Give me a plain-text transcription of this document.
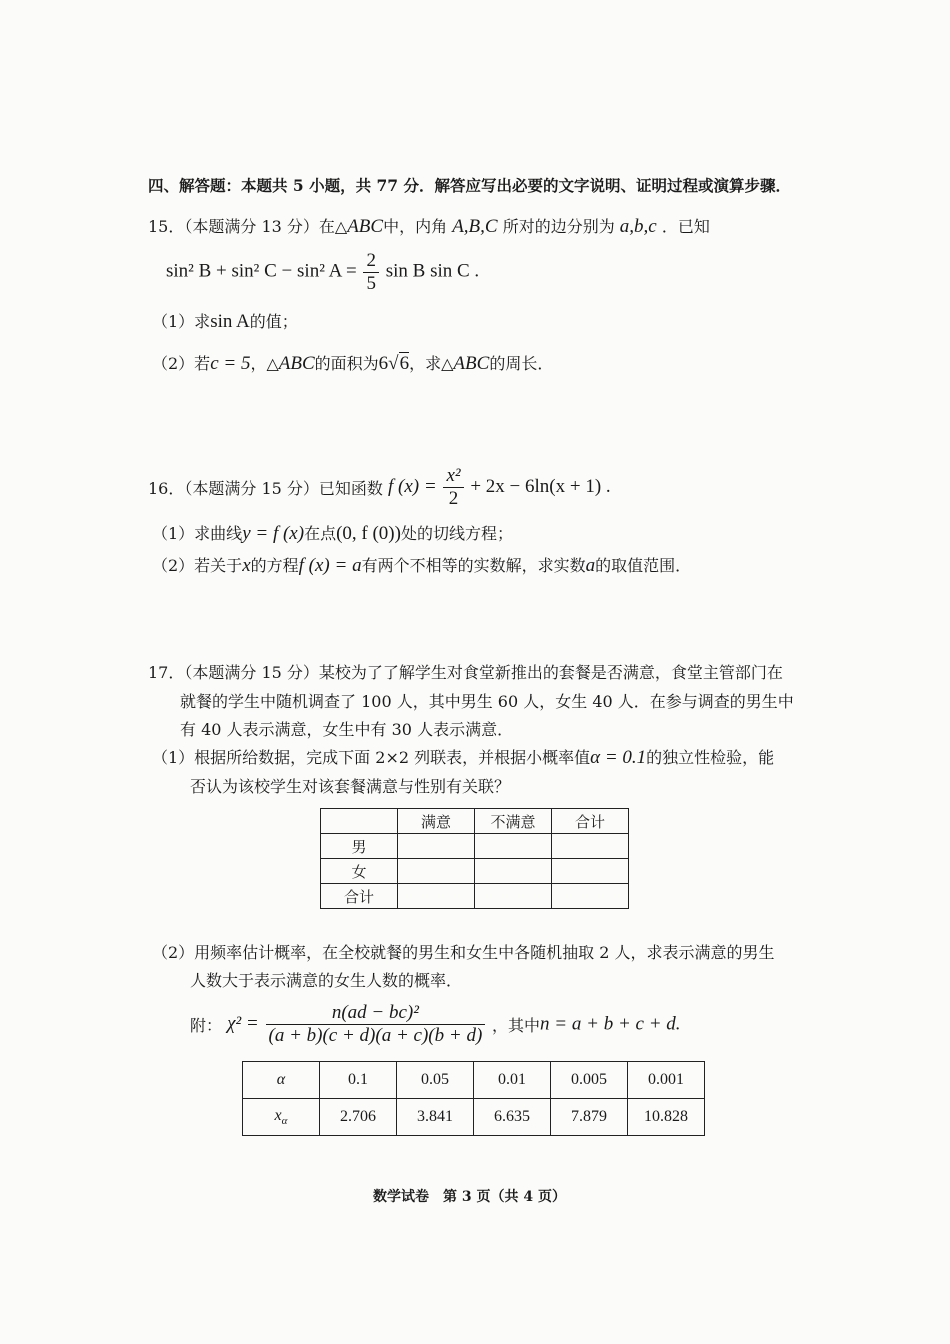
四、解答题：本题共 5 小题，共 77 分．解答应写出必要的文字说明、证明过程或演算步骤．
15．（本题满分 13 分）在△ABC中，内角 A,B,C 所对的边分别为 a,b,c ．已知
sin² B + sin² C − sin² $A = \frac{2}{5}$ sin B sin C .
（1）求sin A的值；
（2）若c = 5，△ABC的面积为6√6，求△ABC的周长．
16．（本题满分 15 分）已知函数 f $(x) = \frac{\text{x²}}{2} + 2x - 6\ln(x + 1)$ .
（1）求曲线y = f (x)在点(0, f (0))处的切线方程；
（2）若关于x的方程f (x) = a有两个不相等的实数解，求实数a的取值范围．
17．（本题满分 15 分）某校为了了解学生对食堂新推出的套餐是否满意，食堂主管部门在
就餐的学生中随机调查了 100 人，其中男生 60 人，女生 40 人．在参与调查的男生中
有 40 人表示满意，女生中有 30 人表示满意．
（1）根据所给数据，完成下面 2×2 列联表，并根据小概率值α = 0.1的独立性检验，能
否认为该校学生对该套餐满意与性别有关联？
	满意	不满意	合计
男			
女			
合计			
（2）用频率估计概率，在全校就餐的男生和女生中各随机抽取 2 人，求表示满意的男生
人数大于表示满意的女生人数的概率．
附： $\chi^2 = \frac{\text{n(ad − bc)²}}{(a + b)(c + d)(a + c)(b + d)}$ ，其中n = a + b + c + d.
α	0.1	0.05	0.01	0.005	0.001
$x_\alpha$	2.706	3.841	6.635	7.879	10.828
数学试卷　第 3 页（共 4 页）
